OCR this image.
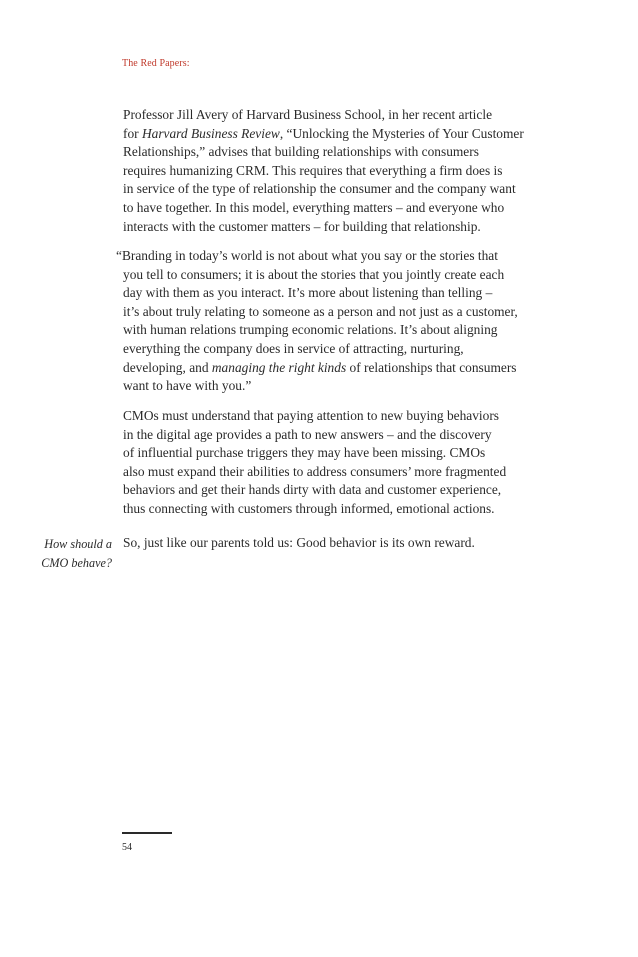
The Red Papers:

Professor Jill Avery of Harvard Business School, in her recent article
for Harvard Business Review, “Unlocking the Mysteries of Your Customer
Relationships,” advises that building relationships with consumers
requires humanizing CRM. This requires that everything a firm does is
in service of the type of relationship the consumer and the company want
to have together. In this model, everything matters – and everyone who
interacts with the customer matters – for building that relationship.

“Branding in today’s world is not about what you say or the stories that
you tell to consumers; it is about the stories that you jointly create each
day with them as you interact. It’s more about listening than telling –
it’s about truly relating to someone as a person and not just as a customer,
with human relations trumping economic relations. It’s about aligning
everything the company does in service of attracting, nurturing,
developing, and managing the right kinds of relationships that consumers
want to have with you.”

CMOs must understand that paying attention to new buying behaviors
in the digital age provides a path to new answers – and the discovery
of influential purchase triggers they may have been missing. CMOs
also must expand their abilities to address consumers’ more fragmented
behaviors and get their hands dirty with data and customer experience,
thus connecting with customers through informed, emotional actions.

How should a
CMO behave?

So, just like our parents told us: Good behavior is its own reward.

54
